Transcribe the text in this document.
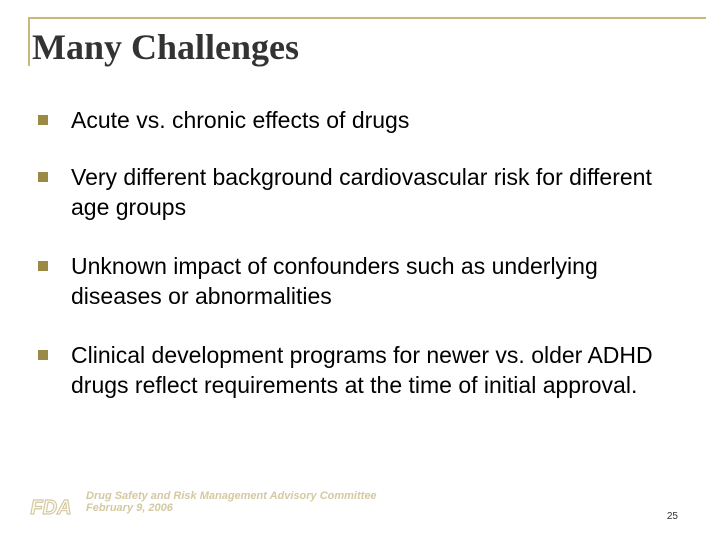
Many Challenges
Acute vs. chronic effects of drugs
Very different background cardiovascular risk for different age groups
Unknown impact of confounders such as underlying diseases or abnormalities
Clinical development programs for newer vs. older ADHD drugs reflect requirements at the time of initial approval.
FDA
Drug Safety and Risk Management Advisory Committee
February 9, 2006
25
